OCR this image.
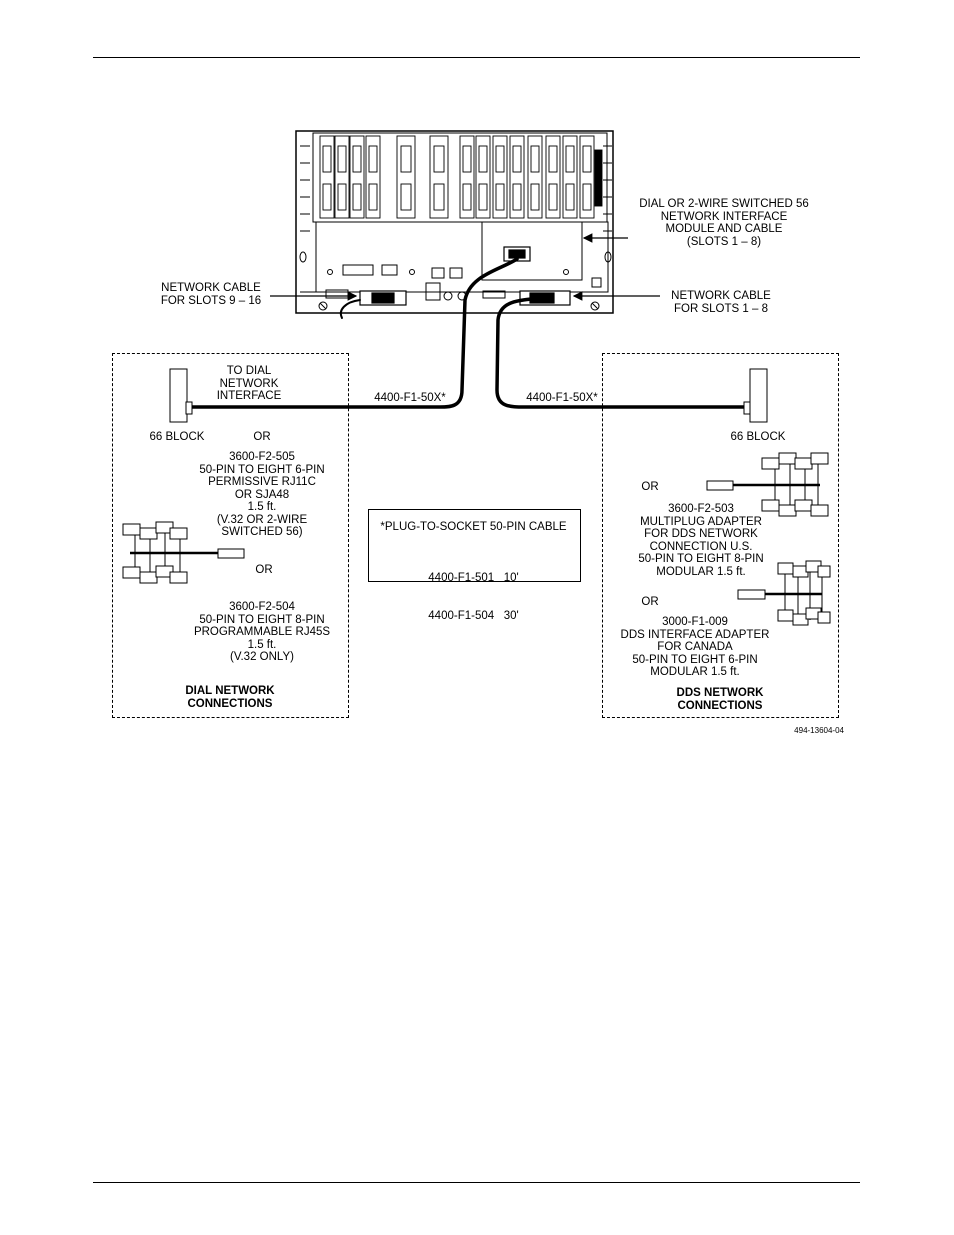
DIAL OR 2-WIRE SWITCHED 56
NETWORK INTERFACE
MODULE AND CABLE
(SLOTS 1 – 8)
NETWORK CABLE
FOR SLOTS 9 – 16	NETWORK CABLE
FOR SLOTS 1 – 8
TO DIAL
NETWORK
INTERFACE	4400-F1-50X*	4400-F1-50X*
66 BLOCK	OR
3600-F2-505
50-PIN TO EIGHT 6-PIN
PERMISSIVE RJ11C
OR SJA48
1.5 ft.
(V.32 OR 2-WIRE
SWITCHED 56)
OR
3600-F2-504
50-PIN TO EIGHT 8-PIN
PROGRAMMABLE RJ45S
1.5 ft.
(V.32 ONLY)
DIAL NETWORK
CONNECTIONS
*PLUG-TO-SOCKET 50-PIN CABLE

4400-F1-501   10'

4400-F1-504   30'

66 BLOCK
OR
3600-F2-503
MULTIPLUG ADAPTER
FOR DDS NETWORK
CONNECTION U.S.
50-PIN TO EIGHT 8-PIN
MODULAR 1.5 ft.
OR
3000-F1-009
DDS INTERFACE ADAPTER
FOR CANADA
50-PIN TO EIGHT 6-PIN
MODULAR 1.5 ft.
DDS NETWORK
CONNECTIONS
494-13604-04
